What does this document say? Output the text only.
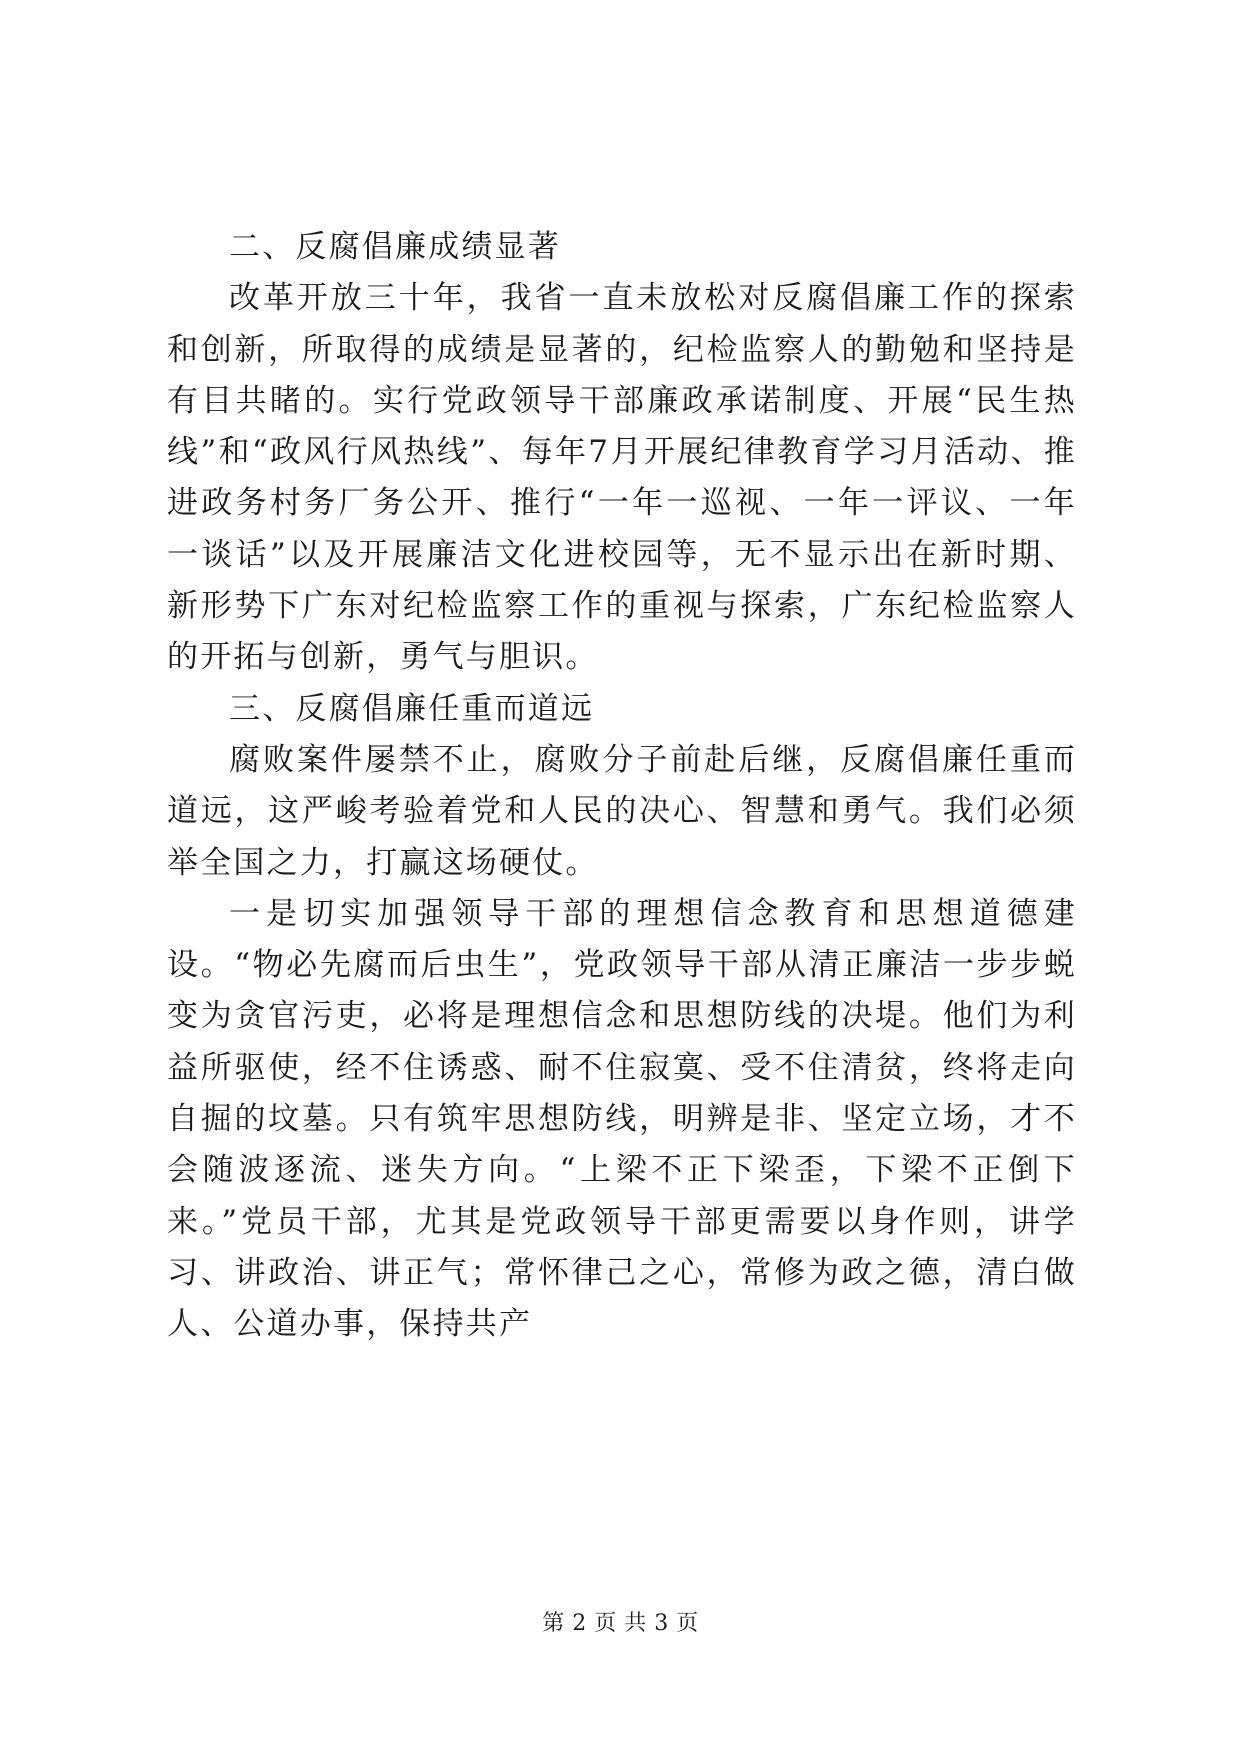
二、反腐倡廉成绩显著

改革开放三十年，我省一直未放松对反腐倡廉工作的探索和创新，所取得的成绩是显著的，纪检监察人的勤勉和坚持是有目共睹的。实行党政领导干部廉政承诺制度、开展“民生热线”和“政风行风热线”、每年7月开展纪律教育学习月活动、推进政务村务厂务公开、推行“一年一巡视、一年一评议、一年一谈话”以及开展廉洁文化进校园等，无不显示出在新时期、新形势下广东对纪检监察工作的重视与探索，广东纪检监察人的开拓与创新，勇气与胆识。

三、反腐倡廉任重而道远

腐败案件屡禁不止，腐败分子前赴后继，反腐倡廉任重而道远，这严峻考验着党和人民的决心、智慧和勇气。我们必须举全国之力，打赢这场硬仗。

一是切实加强领导干部的理想信念教育和思想道德建设。“物必先腐而后虫生”，党政领导干部从清正廉洁一步步蜕变为贪官污吏，必将是理想信念和思想防线的决堤。他们为利益所驱使，经不住诱惑、耐不住寂寞、受不住清贫，终将走向自掘的坟墓。只有筑牢思想防线，明辨是非、坚定立场，才不会随波逐流、迷失方向。“上梁不正下梁歪，下梁不正倒下来。”党员干部，尤其是党政领导干部更需要以身作则，讲学习、讲政治、讲正气；常怀律己之心，常修为政之德，清白做人、公道办事，保持共产

第 2 页 共 3 页
